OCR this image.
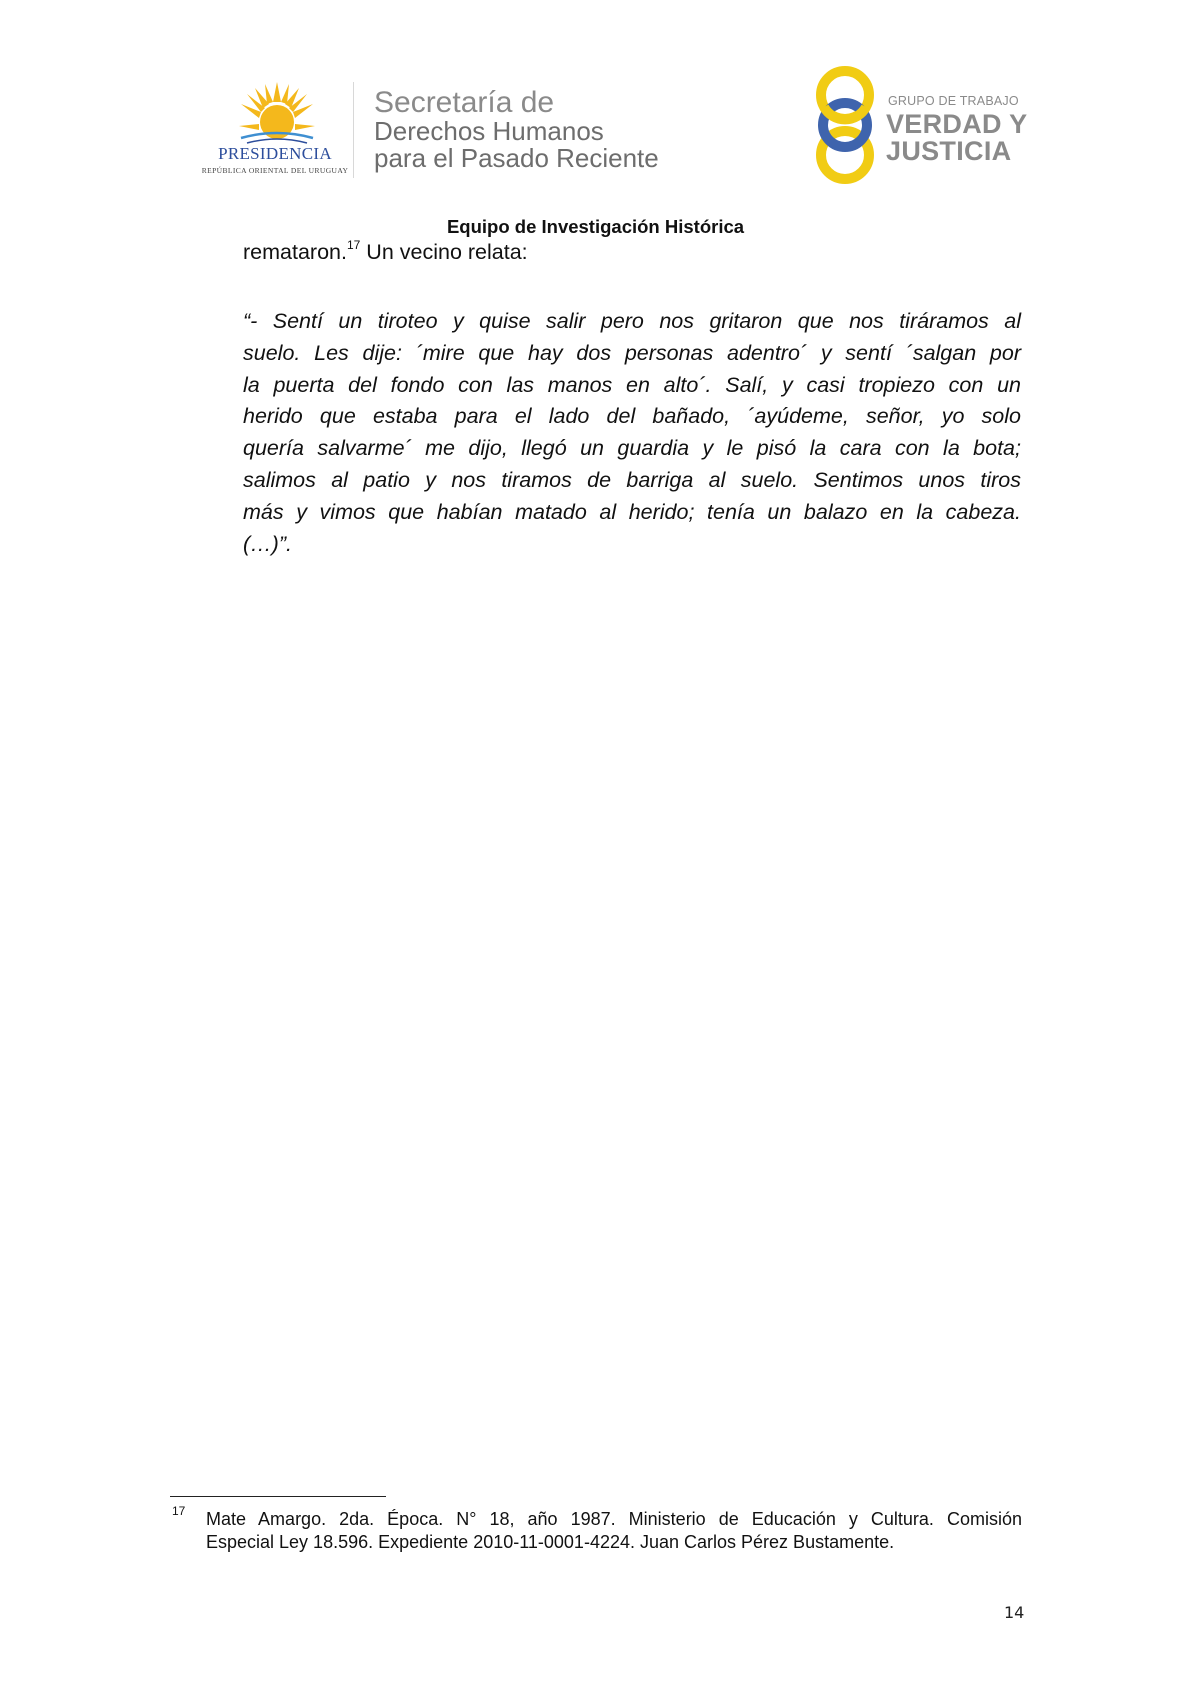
PRESIDENCIA
REPÚBLICA ORIENTAL DEL URUGUAY
Secretaría de
Derechos Humanos
para el Pasado Reciente
GRUPO DE TRABAJO
VERDAD Y
JUSTICIA
Equipo de Investigación Histórica
remataron.$^{17}$ Un vecino relata:
“- Sentí un tiroteo y quise salir pero nos gritaron que nos tiráramos al
suelo. Les dije: ´mire que hay dos personas adentro´ y sentí ´salgan por
la puerta del fondo con las manos en alto´. Salí, y casi tropiezo con un
herido que estaba para el lado del bañado, ´ayúdeme, señor, yo solo
quería salvarme´ me dijo, llegó un guardia y le pisó la cara con la bota;
salimos al patio y nos tiramos de barriga al suelo. Sentimos unos tiros
más y vimos que habían matado al herido; tenía un balazo en la cabeza.
(…)”.
17 Mate Amargo. 2da. Época. N° 18, año 1987. Ministerio de Educación y Cultura. Comisión
Especial Ley 18.596. Expediente 2010-11-0001-4224. Juan Carlos Pérez Bustamente.
14
